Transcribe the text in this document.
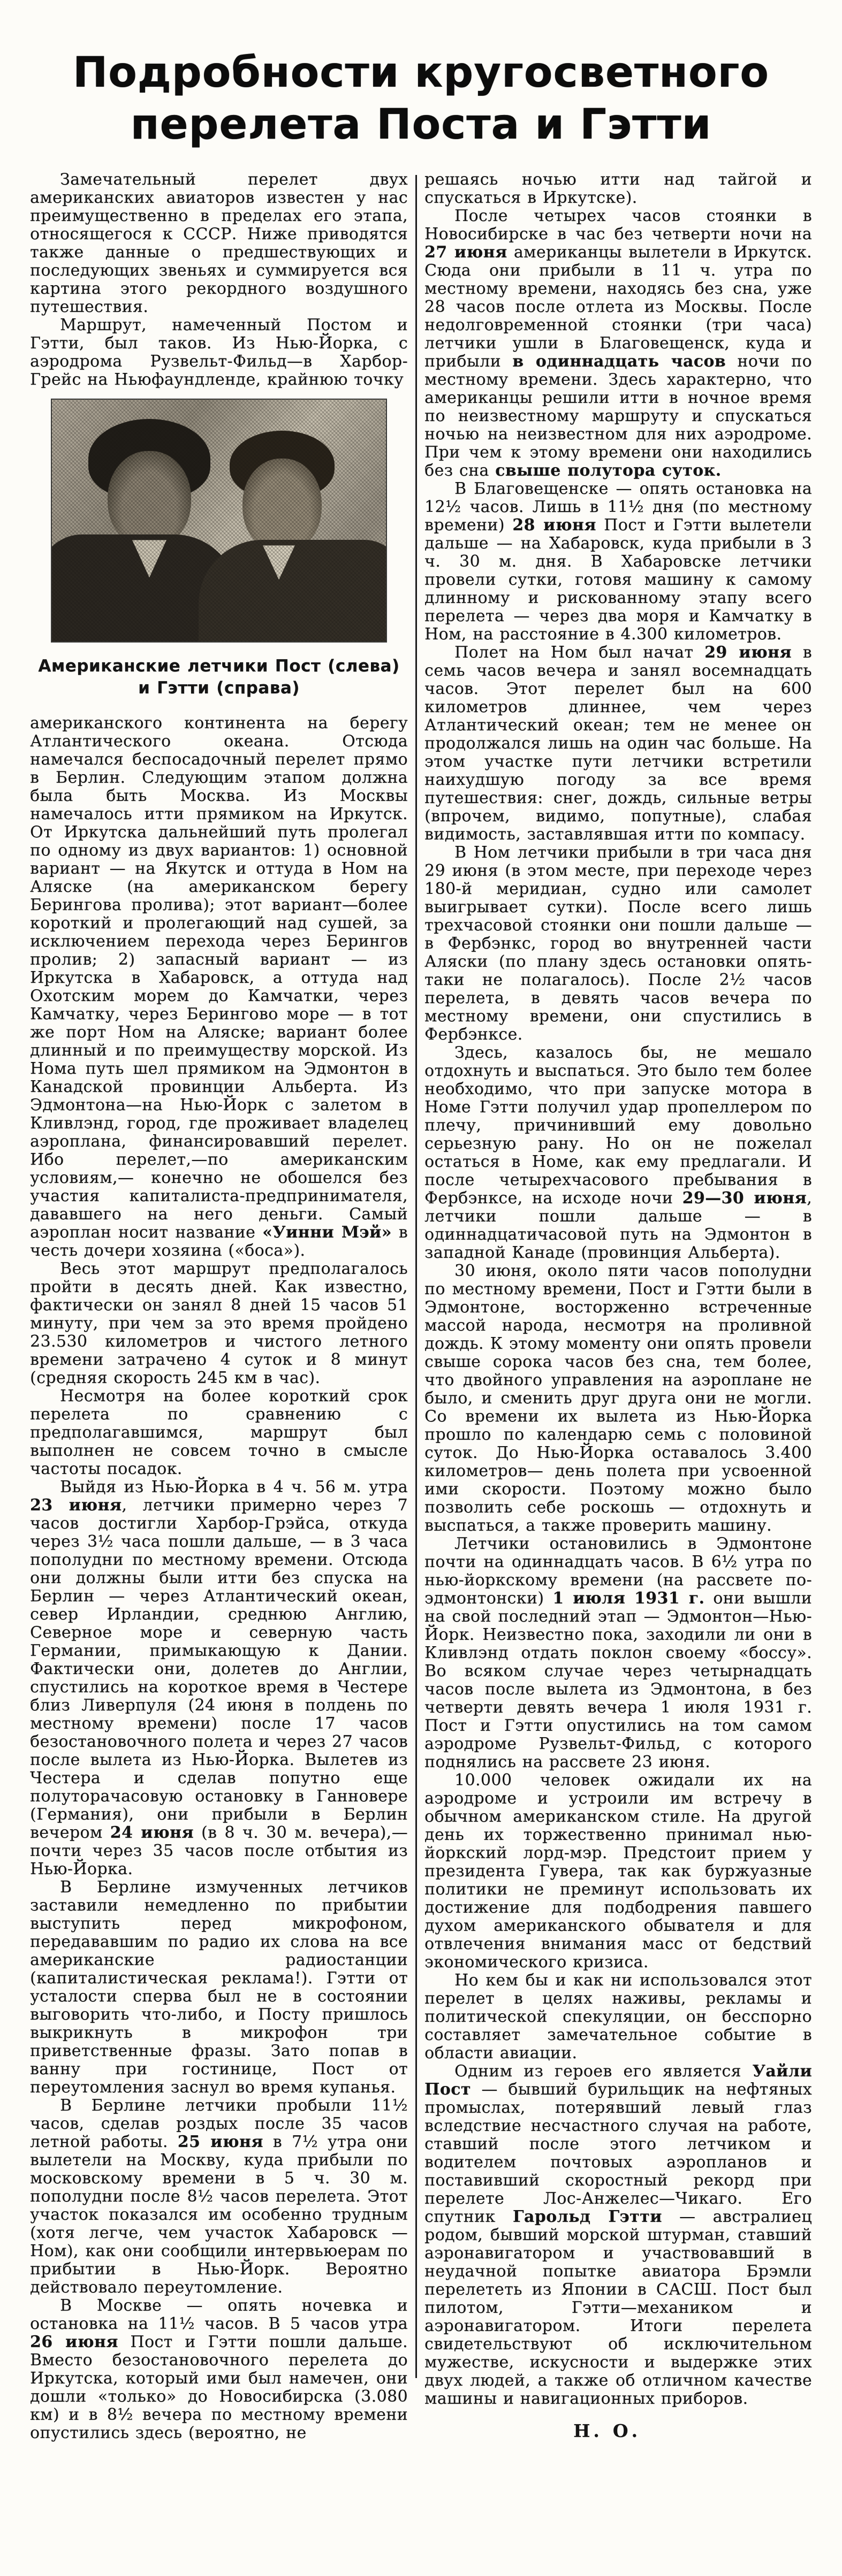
Подробности кругосветного
перелета Поста и Гэтти

Замечательный перелет двух американских авиаторов известен у нас преимущественно в пределах его этапа, относящегося к СССР. Ниже приводятся также данные о предшествующих и последующих звеньях и суммируется вся картина этого рекордного воздушного путешествия.

Маршрут, намеченный Постом и Гэтти, был таков. Из Нью-Йорка, с аэродрома Рузвельт-Фильд—в Харбор-Грейс на Ньюфаундленде, крайнюю точку

Американские летчики Пост (слева)
и Гэтти (справа)

американского континента на берегу Атлантического океана. Отсюда намечался беспосадочный перелет прямо в Берлин. Следующим этапом должна была быть Москва. Из Москвы намечалось итти прямиком на Иркутск. От Иркутска дальнейший путь пролегал по одному из двух вариантов: 1) основной вариант — на Якутск и оттуда в Ном на Аляске (на американском берегу Берингова пролива); этот вариант—более короткий и пролегающий над сушей, за исключением перехода через Берингов пролив; 2) запасный вариант — из Иркутска в Хабаровск, а оттуда над Охотским морем до Камчатки, через Камчатку, через Берингово море — в тот же порт Ном на Аляске; вариант более длинный и по преимуществу морской. Из Нома путь шел прямиком на Эдмонтон в Канадской провинции Альберта. Из Эдмонтона—на Нью-Йорк с залетом в Кливлэнд, город, где проживает владелец аэроплана, финансировавший перелет. Ибо перелет,—по американским условиям,— конечно не обошелся без участия капиталиста-предпринимателя, дававшего на него деньги. Самый аэроплан носит название «Уинни Мэй» в честь дочери хозяина («боса»).

Весь этот маршрут предполагалось пройти в десять дней. Как известно, фактически он занял 8 дней 15 часов 51 минуту, при чем за это время пройдено 23.530 километров и чистого летного времени затрачено 4 суток и 8 минут (средняя скорость 245 км в час).

Несмотря на более короткий срок перелета по сравнению с предполагавшимся, маршрут был выполнен не совсем точно в смысле частоты посадок.

Выйдя из Нью-Йорка в 4 ч. 56 м. утра 23 июня, летчики примерно через 7 часов достигли Харбор-Грэйса, откуда через 3½ часа пошли дальше, — в 3 часа пополудни по местному времени. Отсюда они должны были итти без спуска на Берлин — через Атлантический океан, север Ирландии, среднюю Англию, Северное море и северную часть Германии, примыкающую к Дании. Фактически они, долетев до Англии, спустились на короткое время в Честере близ Ливерпуля (24 июня в полдень по местному времени) после 17 часов безостановочного полета и через 27 часов после вылета из Нью-Йорка. Вылетев из Честера и сделав попутно еще полуторачасовую остановку в Ганновере (Германия), они прибыли в Берлин вечером 24 июня (в 8 ч. 30 м. вечера),— почти через 35 часов после отбытия из Нью-Йорка.

В Берлине измученных летчиков заставили немедленно по прибытии выступить перед микрофоном, передававшим по радио их слова на все американские радиостанции (капиталистическая реклама!). Гэтти от усталости сперва был не в состоянии выговорить что-либо, и Посту пришлось выкрикнуть в микрофон три приветственные фразы. Зато попав в ванну при гостинице, Пост от переутомления заснул во время купанья.

В Берлине летчики пробыли 11½ часов, сделав роздых после 35 часов летной работы. 25 июня в 7½ утра они вылетели на Москву, куда прибыли по московскому времени в 5 ч. 30 м. пополудни после 8½ часов перелета. Этот участок показался им особенно трудным (хотя легче, чем участок Хабаровск — Ном), как они сообщили интервьюерам по прибытии в Нью-Йорк. Вероятно действовало переутомление.

В Москве — опять ночевка и остановка на 11½ часов. В 5 часов утра 26 июня Пост и Гэтти пошли дальше. Вместо безостановочного перелета до Иркутска, который ими был намечен, они дошли «только» до Новосибирска (3.080 км) и в 8½ вечера по местному времени опустились здесь (вероятно, не

решаясь ночью итти над тайгой и спускаться в Иркутске).

После четырех часов стоянки в Новосибирске в час без четверти ночи на 27 июня американцы вылетели в Иркутск. Сюда они прибыли в 11 ч. утра по местному времени, находясь без сна, уже 28 часов после отлета из Москвы. После недолговременной стоянки (три часа) летчики ушли в Благовещенск, куда и прибыли в одиннадцать часов ночи по местному времени. Здесь характерно, что американцы решили итти в ночное время по неизвестному маршруту и спускаться ночью на неизвестном для них аэродроме. При чем к этому времени они находились без сна свыше полутора суток.

В Благовещенске — опять остановка на 12½ часов. Лишь в 11½ дня (по местному времени) 28 июня Пост и Гэтти вылетели дальше — на Хабаровск, куда прибыли в 3 ч. 30 м. дня. В Хабаровске летчики провели сутки, готовя машину к самому длинному и рискованному этапу всего перелета — через два моря и Камчатку в Ном, на расстояние в 4.300 километров.

Полет на Ном был начат 29 июня в семь часов вечера и занял восемнадцать часов. Этот перелет был на 600 километров длиннее, чем через Атлантический океан; тем не менее он продолжался лишь на один час больше. На этом участке пути летчики встретили наихудшую погоду за все время путешествия: снег, дождь, сильные ветры (впрочем, видимо, попутные), слабая видимость, заставлявшая итти по компасу.

В Ном летчики прибыли в три часа дня 29 июня (в этом месте, при переходе через 180-й меридиан, судно или самолет выигрывает сутки). После всего лишь трехчасовой стоянки они пошли дальше — в Фербэнкс, город во внутренней части Аляски (по плану здесь остановки опять-таки не полагалось). После 2½ часов перелета, в девять часов вечера по местному времени, они спустились в Фербэнксе.

Здесь, казалось бы, не мешало отдохнуть и выспаться. Это было тем более необходимо, что при запуске мотора в Номе Гэтти получил удар пропеллером по плечу, причинивший ему довольно серьезную рану. Но он не пожелал остаться в Номе, как ему предлагали. И после четырехчасового пребывания в Фербэнксе, на исходе ночи 29—30 июня, летчики пошли дальше — в одиннадцатичасовой путь на Эдмонтон в западной Канаде (провинция Альберта).

30 июня, около пяти часов пополудни по местному времени, Пост и Гэтти были в Эдмонтоне, восторженно встреченные массой народа, несмотря на проливной дождь. К этому моменту они опять провели свыше сорока часов без сна, тем более, что двойного управления на аэроплане не было, и сменить друг друга они не могли. Со времени их вылета из Нью-Йорка прошло по календарю семь с половиной суток. До Нью-Йорка оставалось 3.400 километров— день полета при усвоенной ими скорости. Поэтому можно было позволить себе роскошь — отдохнуть и выспаться, а также проверить машину.

Летчики остановились в Эдмонтоне почти на одиннадцать часов. В 6½ утра по нью-йоркскому времени (на рассвете по-эдмонтонски) 1 июля 1931 г. они вышли на свой последний этап — Эдмонтон—Нью-Йорк. Неизвестно пока, заходили ли они в Кливлэнд отдать поклон своему «боссу». Во всяком случае через четырнадцать часов после вылета из Эдмонтона, в без четверти девять вечера 1 июля 1931 г. Пост и Гэтти опустились на том самом аэродроме Рузвельт-Фильд, с которого поднялись на рассвете 23 июня.

10.000 человек ожидали их на аэродроме и устроили им встречу в обычном американском стиле. На другой день их торжественно принимал нью-йоркский лорд-мэр. Предстоит прием у президента Гувера, так как буржуазные политики не преминут использовать их достижение для подбодрения павшего духом американского обывателя и для отвлечения внимания масс от бедствий экономического кризиса.

Но кем бы и как ни использовался этот перелет в целях наживы, рекламы и политической спекуляции, он бесспорно составляет замечательное событие в области авиации.

Одним из героев его является Уайли Пост — бывший бурильщик на нефтяных промыслах, потерявший левый глаз вследствие несчастного случая на работе, ставший после этого летчиком и водителем почтовых аэропланов и поставивший скоростный рекорд при перелете Лос-Анжелес—Чикаго. Его спутник Гарольд Гэтти — австралиец родом, бывший морской штурман, ставший аэронавигатором и участвовавший в неудачной попытке авиатора Брэмли перелететь из Японии в САСШ. Пост был пилотом, Гэтти—механиком и аэронавигатором. Итоги перелета свидетельствуют об исключительном мужестве, искусности и выдержке этих двух людей, а также об отличном качестве машины и навигационных приборов.

Н. О.
